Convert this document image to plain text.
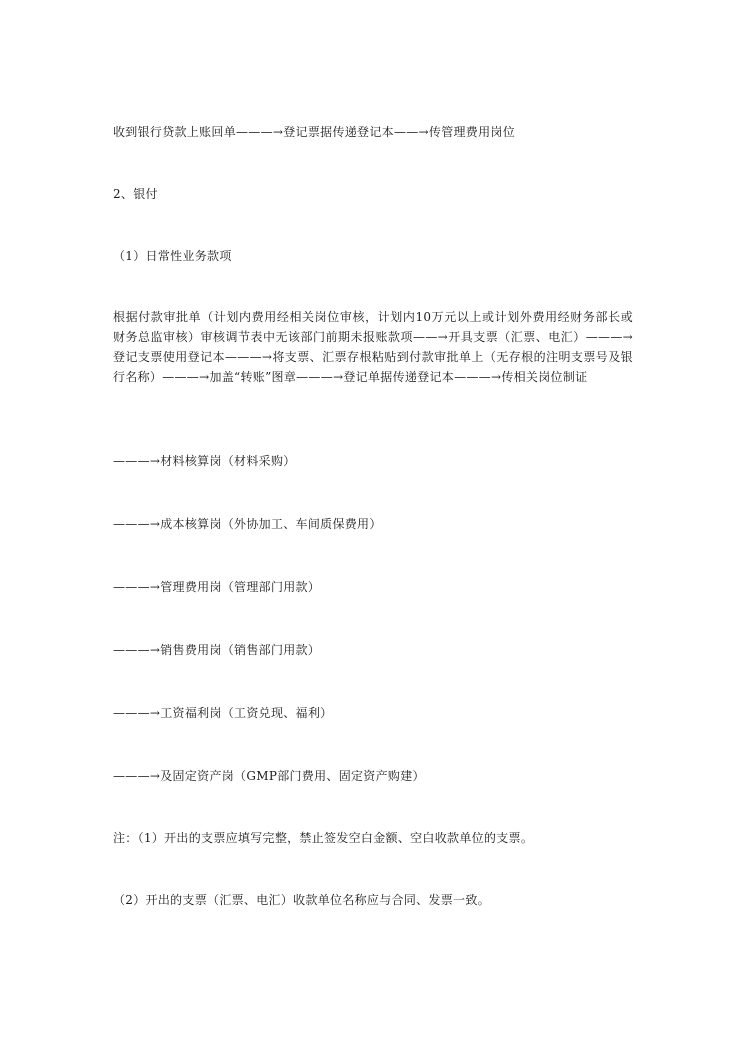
收到银行贷款上账回单———→登记票据传递登记本——→传管理费用岗位
2、银付
（1）日常性业务款项
根据付款审批单（计划内费用经相关岗位审核，计划内10万元以上或计划外费用经财务部长或财务总监审核）审核调节表中无该部门前期未报账款项——→开具支票（汇票、电汇）———→登记支票使用登记本———→将支票、汇票存根粘贴到付款审批单上（无存根的注明支票号及银行名称）———→加盖“转账”图章———→登记单据传递登记本———→传相关岗位制证
———→材料核算岗（材料采购）
———→成本核算岗（外协加工、车间质保费用）
———→管理费用岗（管理部门用款）
———→销售费用岗（销售部门用款）
———→工资福利岗（工资兑现、福利）
———→及固定资产岗（GMP部门费用、固定资产购建）
注：（1）开出的支票应填写完整，禁止签发空白金额、空白收款单位的支票。
（2）开出的支票（汇票、电汇）收款单位名称应与合同、发票一致。
